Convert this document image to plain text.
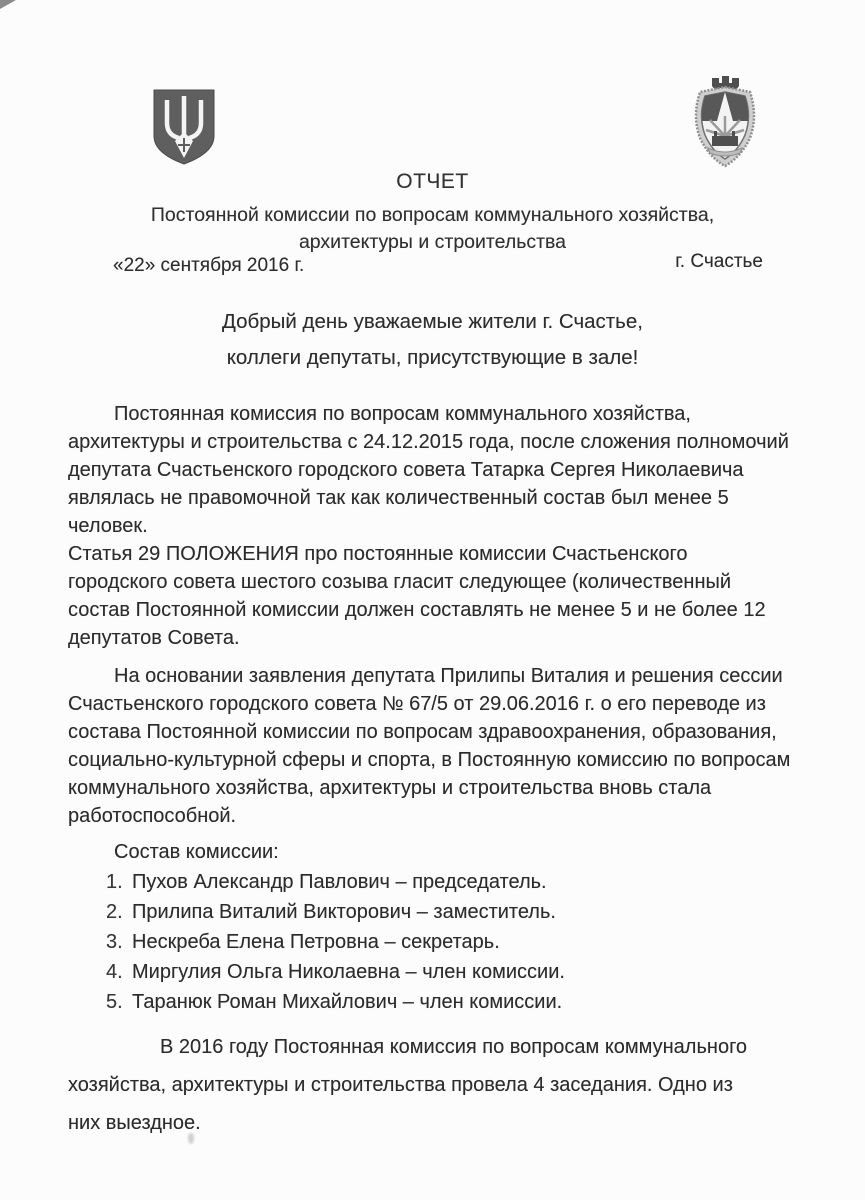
ОТЧЕТ
Постоянной комиссии по вопросам коммунального хозяйства, архитектуры и строительства
«22» сентября 2016 г.	г. Счастье
Добрый день уважаемые жители г. Счастье,
коллеги депутаты, присутствующие в зале!

Постоянная комиссия по вопросам коммунального хозяйства, архитектуры и строительства с 24.12.2015 года, после сложения полномочий депутата Счастьенского городского совета Татарка Сергея Николаевича являлась не правомочной так как количественный состав был менее 5 человек.

Статья 29 ПОЛОЖЕНИЯ про постоянные комиссии Счастьенского городского совета шестого созыва гласит следующее (количественный состав Постоянной комиссии должен составлять не менее 5 и не более 12 депутатов Совета.

На основании заявления депутата Прилипы Виталия и решения сессии Счастьенского городского совета № 67/5 от 29.06.2016 г. о его переводе из состава Постоянной комиссии по вопросам здравоохранения, образования, социально-культурной сферы и спорта, в Постоянную комиссию по вопросам коммунального хозяйства, архитектуры и строительства вновь стала работоспособной.

Состав комиссии:

1. Пухов Александр Павлович – председатель.
2. Прилипа Виталий Викторович – заместитель.
3. Нескреба Елена Петровна – секретарь.
4. Миргулия Ольга Николаевна – член комиссии.
5. Таранюк Роман Михайлович – член комиссии.

В 2016 году Постоянная комиссия по вопросам коммунального хозяйства, архитектуры и строительства провела 4 заседания. Одно из них выездное.
